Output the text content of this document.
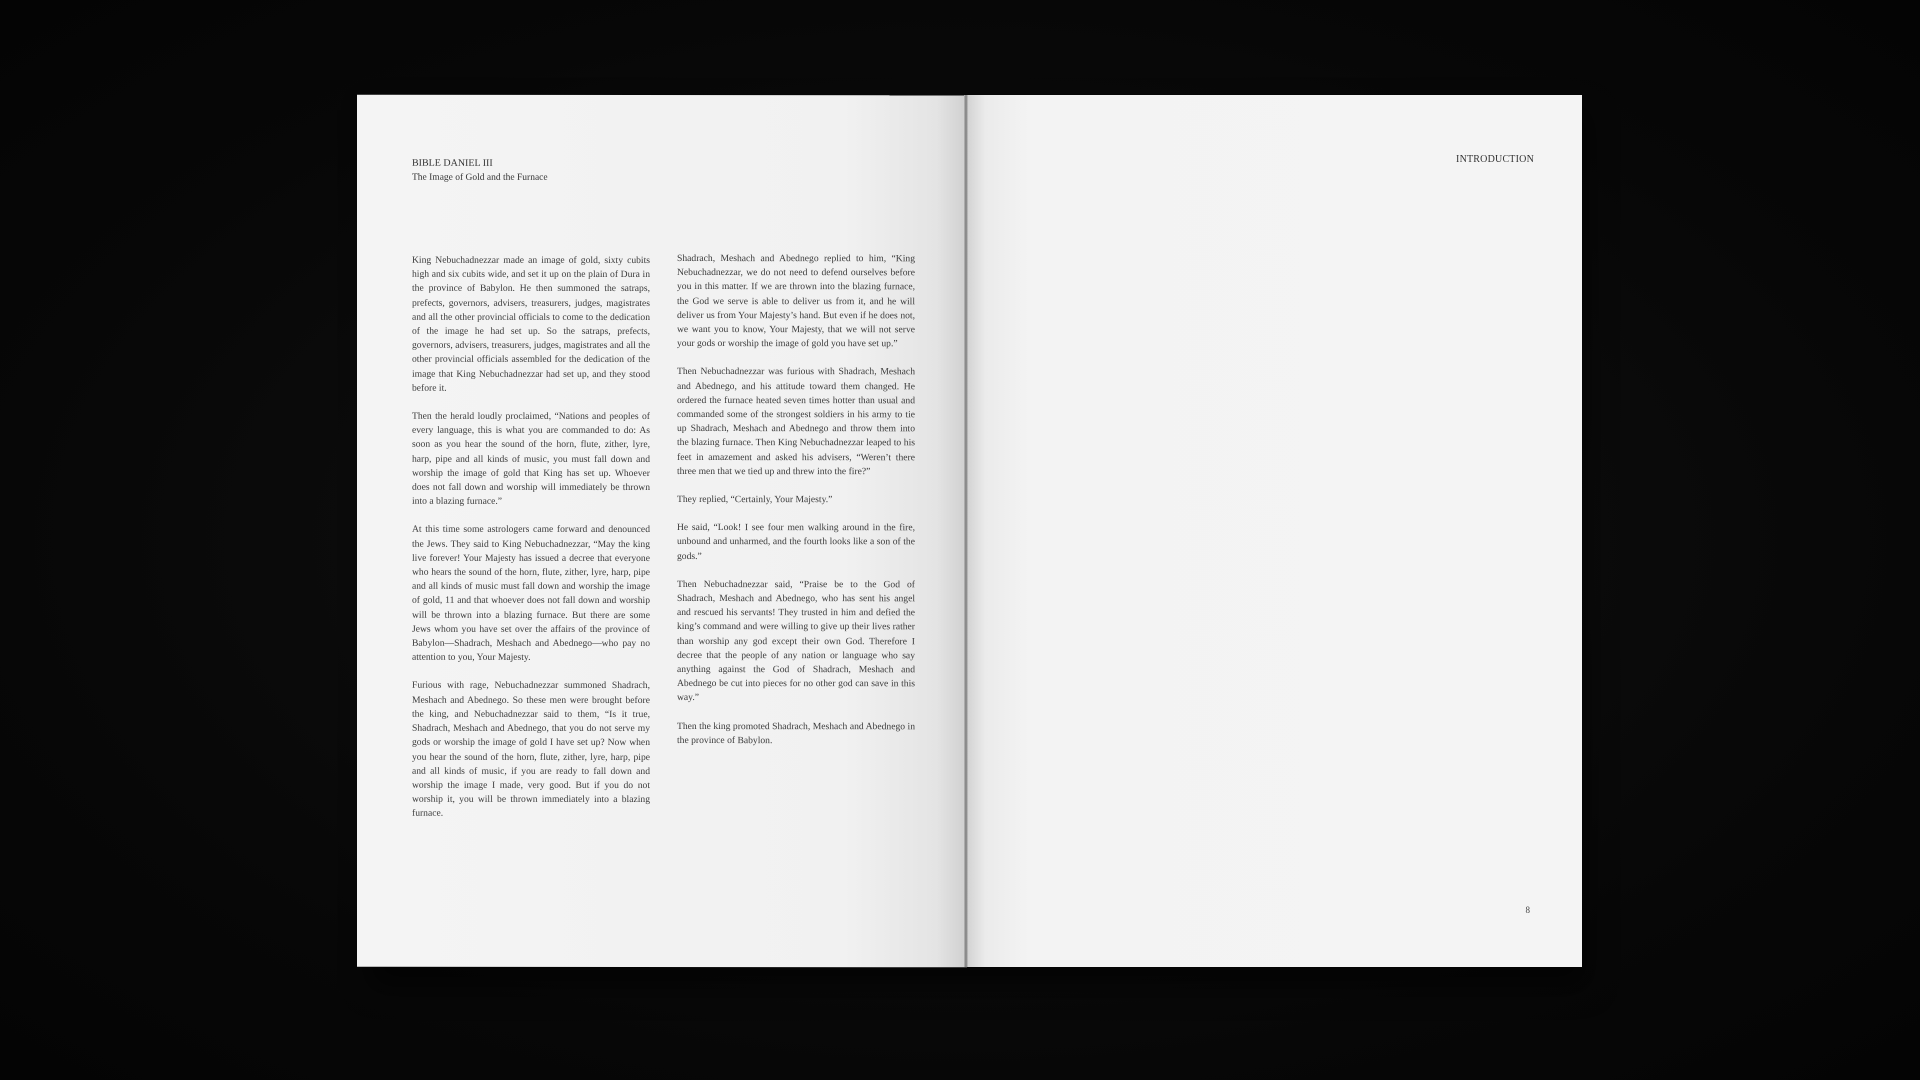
BIBLE DANIEL III
The Image of Gold and the Furnace

King Nebuchadnezzar made an image of gold, sixty cubits high and six cubits wide, and set it up on the plain of Dura in the province of Babylon. He then summoned the satraps, prefects, governors, advisers, treasurers, judges, magistrates and all the other provincial officials to come to the dedication of the image he had set up. So the satraps, prefects, governors, advisers, treasurers, judges, magistrates and all the other provincial officials assembled for the dedication of the image that King Nebuchadnezzar had set up, and they stood before it.

Then the herald loudly proclaimed, “Nations and peoples of every language, this is what you are commanded to do: As soon as you hear the sound of the horn, flute, zither, lyre, harp, pipe and all kinds of music, you must fall down and worship the image of gold that King has set up. Whoever does not fall down and worship will immediately be thrown into a blazing furnace.”

At this time some astrologers came forward and denounced the Jews. They said to King Nebuchadnezzar, “May the king live forever! Your Majesty has issued a decree that everyone who hears the sound of the horn, flute, zither, lyre, harp, pipe and all kinds of music must fall down and worship the image of gold, 11 and that whoever does not fall down and worship will be thrown into a blazing furnace. But there are some Jews whom you have set over the affairs of the province of Babylon—Shadrach, Meshach and Abednego—who pay no attention to you, Your Majesty.

Furious with rage, Nebuchadnezzar summoned Shadrach, Meshach and Abednego. So these men were brought before the king, and Nebuchadnezzar said to them, “Is it true, Shadrach, Meshach and Abednego, that you do not serve my gods or worship the image of gold I have set up? Now when you hear the sound of the horn, flute, zither, lyre, harp, pipe and all kinds of music, if you are ready to fall down and worship the image I made, very good. But if you do not worship it, you will be thrown immediately into a blazing furnace.

Shadrach, Meshach and Abednego replied to him, “King Nebuchadnezzar, we do not need to defend ourselves before you in this matter. If we are thrown into the blazing furnace, the God we serve is able to deliver us from it, and he will deliver us from Your Majesty’s hand. But even if he does not, we want you to know, Your Majesty, that we will not serve your gods or worship the image of gold you have set up.”

Then Nebuchadnezzar was furious with Shadrach, Meshach and Abednego, and his attitude toward them changed. He ordered the furnace heated seven times hotter than usual and commanded some of the strongest soldiers in his army to tie up Shadrach, Meshach and Abednego and throw them into the blazing furnace. Then King Nebuchadnezzar leaped to his feet in amazement and asked his advisers, “Weren’t there three men that we tied up and threw into the fire?”

They replied, “Certainly, Your Majesty.”

He said, “Look! I see four men walking around in the fire, unbound and unharmed, and the fourth looks like a son of the gods.”

Then Nebuchadnezzar said, “Praise be to the God of Shadrach, Meshach and Abednego, who has sent his angel and rescued his servants! They trusted in him and defied the king’s command and were willing to give up their lives rather than worship any god except their own God. Therefore I decree that the people of any nation or language who say anything against the God of Shadrach, Meshach and Abednego be cut into pieces for no other god can save in this way.”

Then the king promoted Shadrach, Meshach and Abednego in the province of Babylon.

INTRODUCTION
8
